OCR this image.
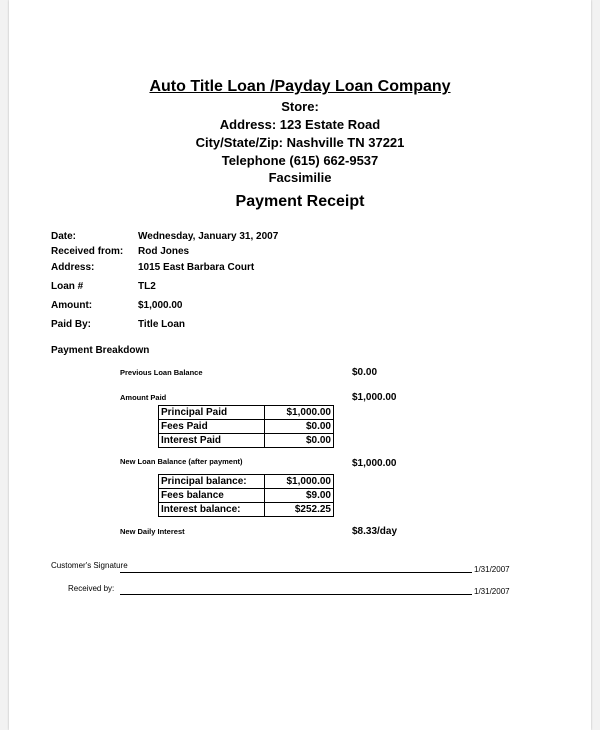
Auto Title Loan /Payday Loan Company
Store:
Address: 123 Estate Road
City/State/Zip: Nashville TN 37221
Telephone (615) 662-9537
Facsimilie
Payment Receipt
Date:	Wednesday, January 31, 2007
Received from: Rod Jones
Address:	1015 East Barbara Court
Loan #	TL2
Amount:	$1,000.00
Paid By:	Title Loan
Payment Breakdown
Previous Loan Balance	$0.00
Amount Paid	$1,000.00
Principal Paid	$1,000.00
Fees Paid	$0.00
Interest Paid	$0.00
New Loan Balance (after payment)	$1,000.00
Principal balance:	$1,000.00
Fees balance	$9.00
Interest balance:	$252.25
New Daily Interest	$8.33/day
Customer's Signature	1/31/2007
Received by:	1/31/2007
